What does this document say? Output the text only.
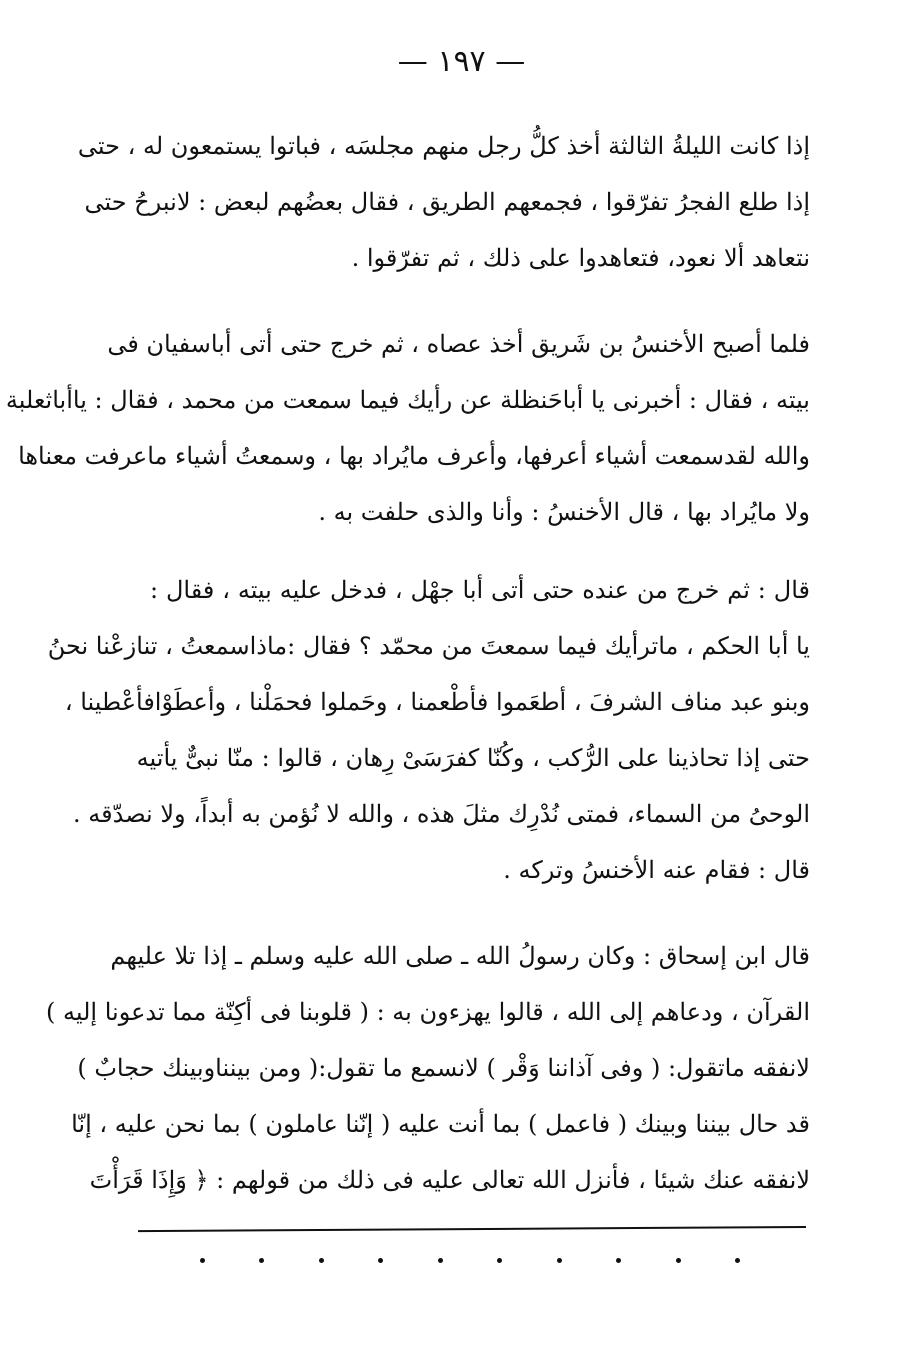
— ١٩٧ —

إذا كانت الليلةُ الثالثة أخذ كلُّ رجل منهم مجلسَه ، فباتوا يستمعون له ، حتى
إذا طلع الفجرُ تفرّقوا ، فجمعهم الطريق ، فقال بعضُهم لبعض : لانبرحُ حتى
نتعاهد ألا نعود، فتعاهدوا على ذلك ، ثم تفرّقوا .

فلما أصبح الأخنسُ بن شَريق أخذ عصاه ، ثم خرج حتى أتى أباسفيان فى
بيته ، فقال : أخبرنى يا أباحَنظلة عن رأيك فيما سمعت من محمد ، فقال : ياأباثعلبة
والله لقدسمعت أشياء أعرفها، وأعرف مايُراد بها ، وسمعتُ أشياء ماعرفت معناها
ولا مايُراد بها ، قال الأخنسُ : وأنا والذى حلفت به .

قال : ثم خرج من عنده حتى أتى أبا جهْل ، فدخل عليه بيته ، فقال :
يا أبا الحكم ، ماترأيك فيما سمعتَ من محمّد ؟ فقال :ماذاسمعتُ ، تنازعْنا نحنُ
وبنو عبد مناف الشرفَ ، أطعَموا فأطْعمنا ، وحَملوا فحمَلْنا ، وأعطَوْافأعْطينا ،
حتى إذا تحاذينا على الرُّكب ، وكُنّا كفرَسَىْ رِهان ، قالوا : منّا نبىٌّ يأتيه
الوحىُ من السماء، فمتى نُدْرِك مثلَ هذه ، والله لا نُؤمن به أبداً، ولا نصدّقه .
قال : فقام عنه الأخنسُ وتركه .

قال ابن إسحاق : وكان رسولُ الله ـ صلى الله عليه وسلم ـ إذا تلا عليهم
القرآن ، ودعاهم إلى الله ، قالوا يهزءون به : ( قلوبنا فى أكِنّة مما تدعونا إليه )
لانفقه ماتقول: ( وفى آذاننا وَقْر ) لانسمع ما تقول:( ومن بينناوبينك حجابٌ )
قد حال بيننا وبينك ( فاعمل ) بما أنت عليه ( إنّنا عاملون ) بما نحن عليه ، إنّا
لانفقه عنك شيئا ، فأنزل الله تعالى عليه فى ذلك من قولهم : ﴿ وَإِذَا قَرَأْتَ
